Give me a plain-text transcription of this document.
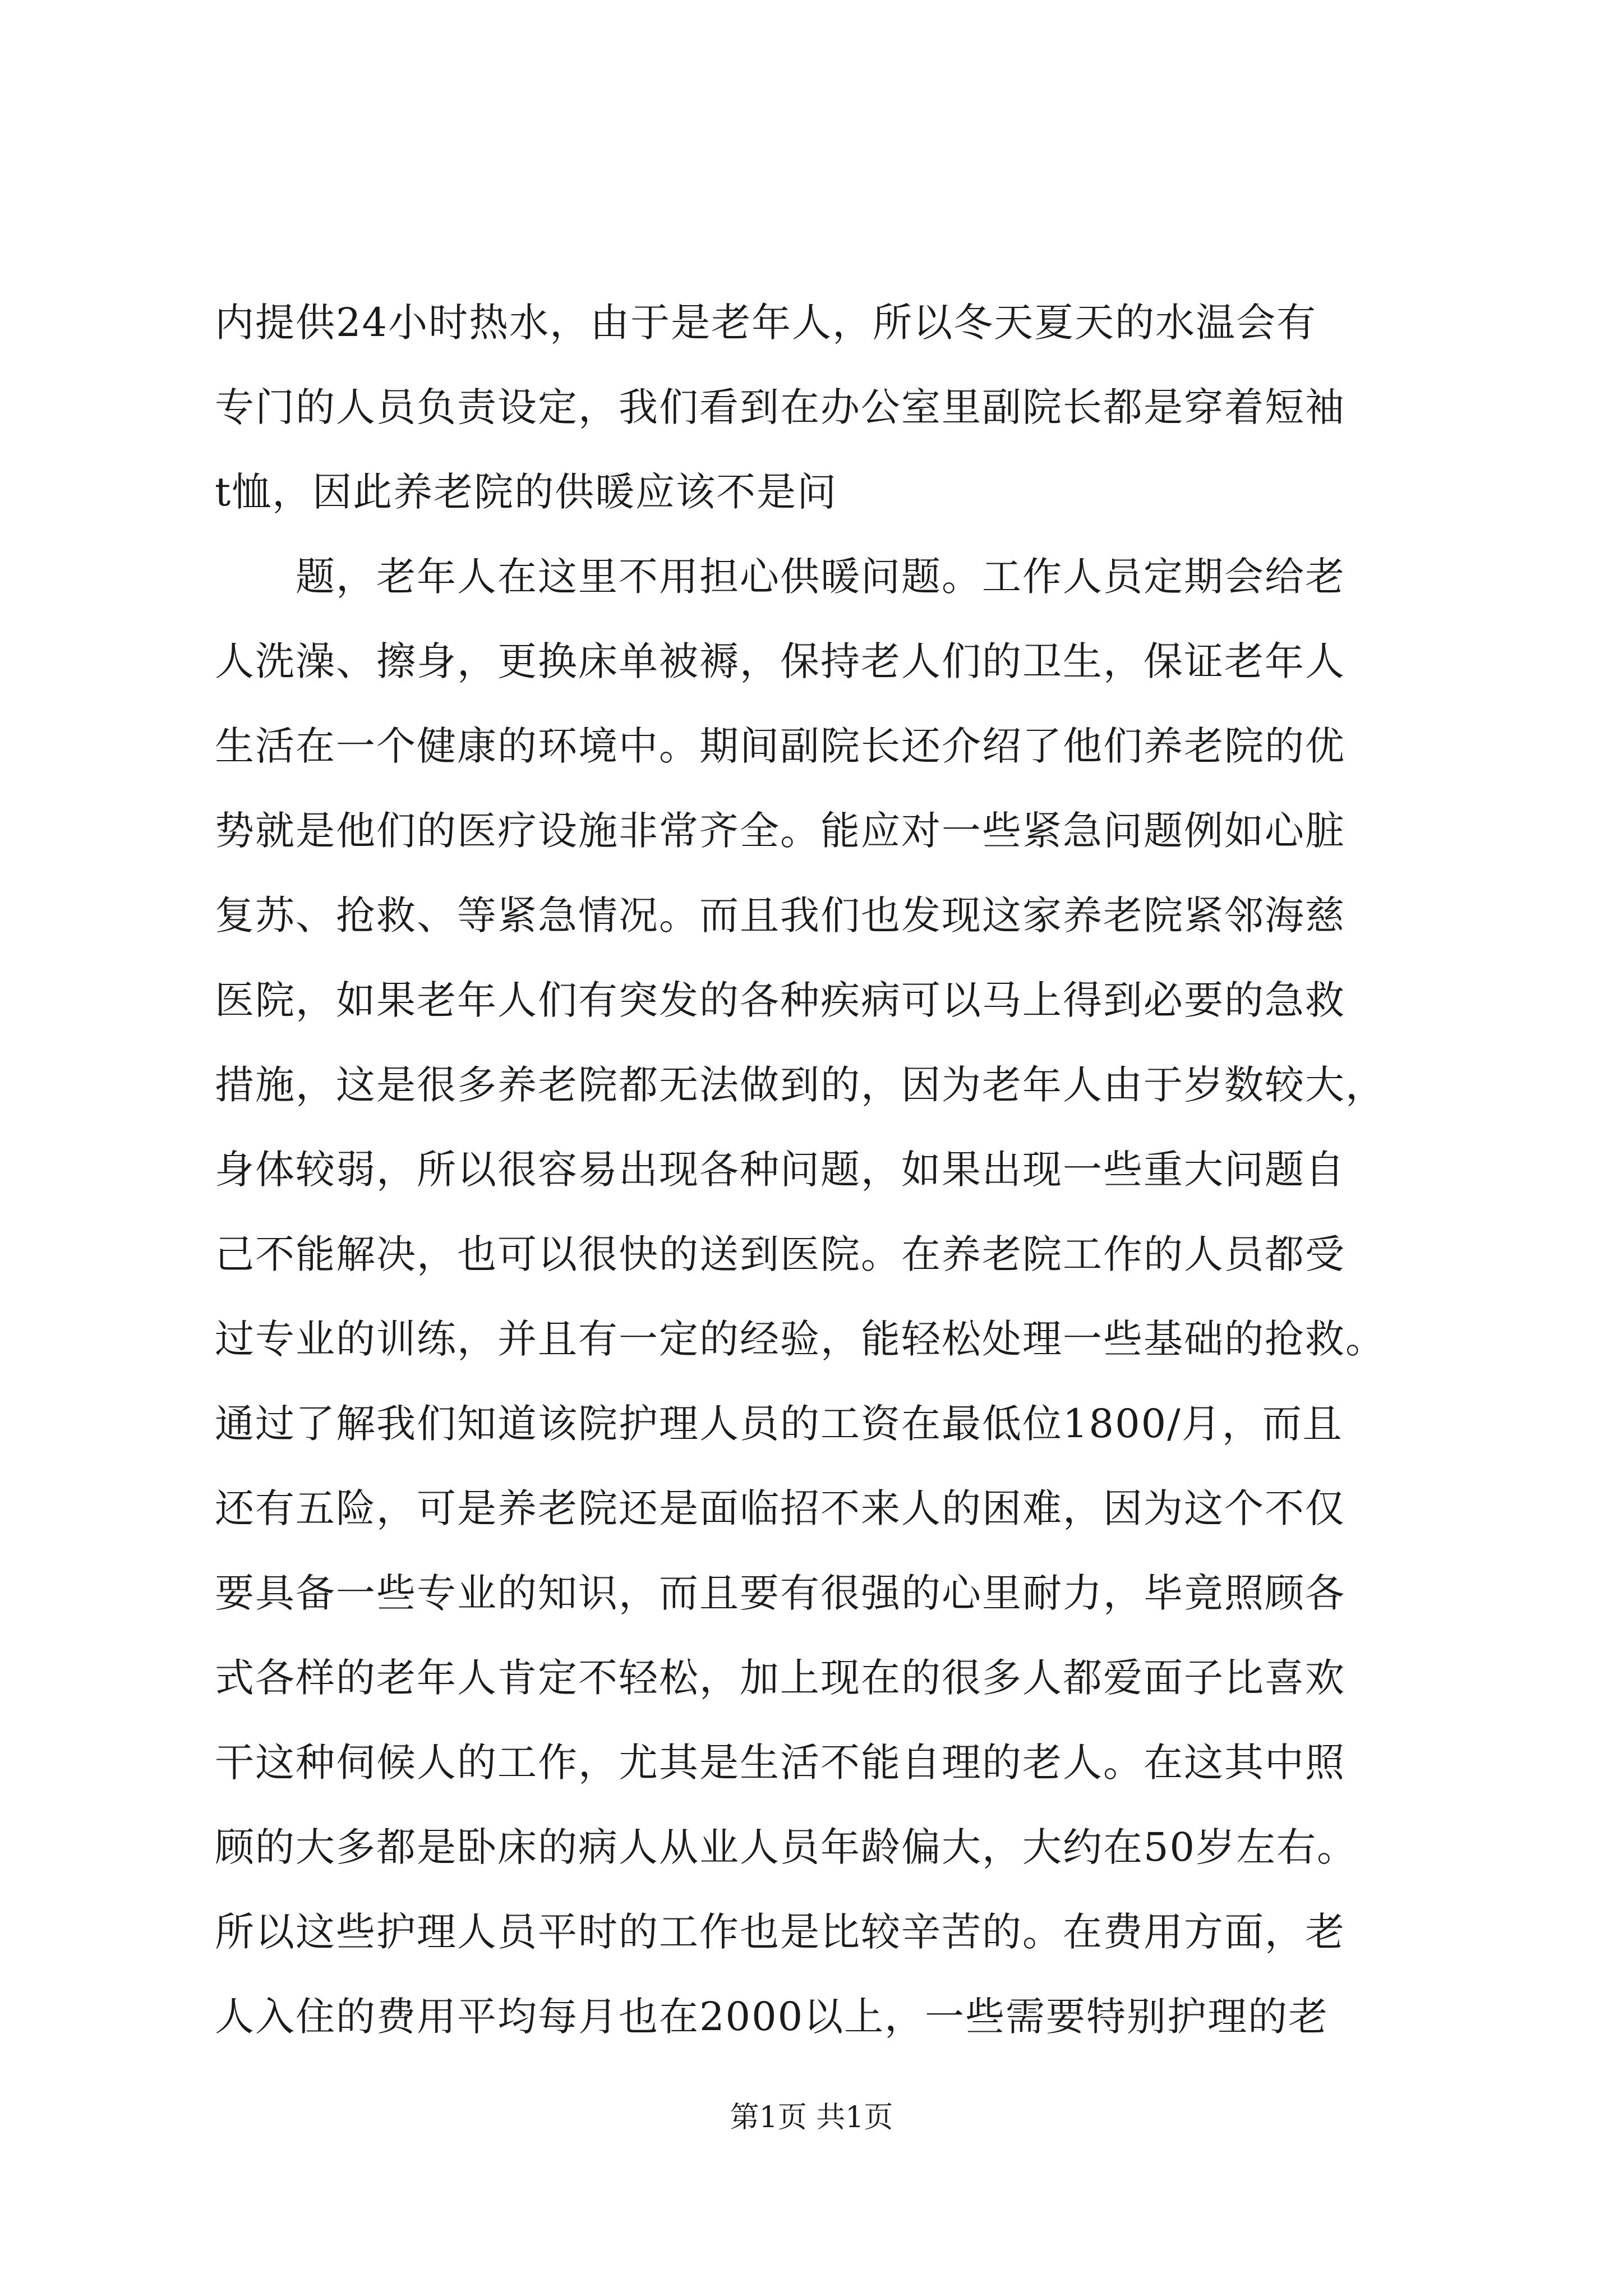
内提供24小时热水，由于是老年人，所以冬天夏天的水温会有
专门的人员负责设定，我们看到在办公室里副院长都是穿着短袖
t恤，因此养老院的供暖应该不是问
　　题，老年人在这里不用担心供暖问题。工作人员定期会给老
人洗澡、擦身，更换床单被褥，保持老人们的卫生，保证老年人
生活在一个健康的环境中。期间副院长还介绍了他们养老院的优
势就是他们的医疗设施非常齐全。能应对一些紧急问题例如心脏
复苏、抢救、等紧急情况。而且我们也发现这家养老院紧邻海慈
医院，如果老年人们有突发的各种疾病可以马上得到必要的急救
措施，这是很多养老院都无法做到的，因为老年人由于岁数较大，
身体较弱，所以很容易出现各种问题，如果出现一些重大问题自
己不能解决，也可以很快的送到医院。在养老院工作的人员都受
过专业的训练，并且有一定的经验，能轻松处理一些基础的抢救。
通过了解我们知道该院护理人员的工资在最低位1800/月，而且
还有五险，可是养老院还是面临招不来人的困难，因为这个不仅
要具备一些专业的知识，而且要有很强的心里耐力，毕竟照顾各
式各样的老年人肯定不轻松，加上现在的很多人都爱面子比喜欢
干这种伺候人的工作，尤其是生活不能自理的老人。在这其中照
顾的大多都是卧床的病人从业人员年龄偏大，大约在50岁左右。
所以这些护理人员平时的工作也是比较辛苦的。在费用方面，老
人入住的费用平均每月也在2000以上，一些需要特别护理的老
第1页 共1页
